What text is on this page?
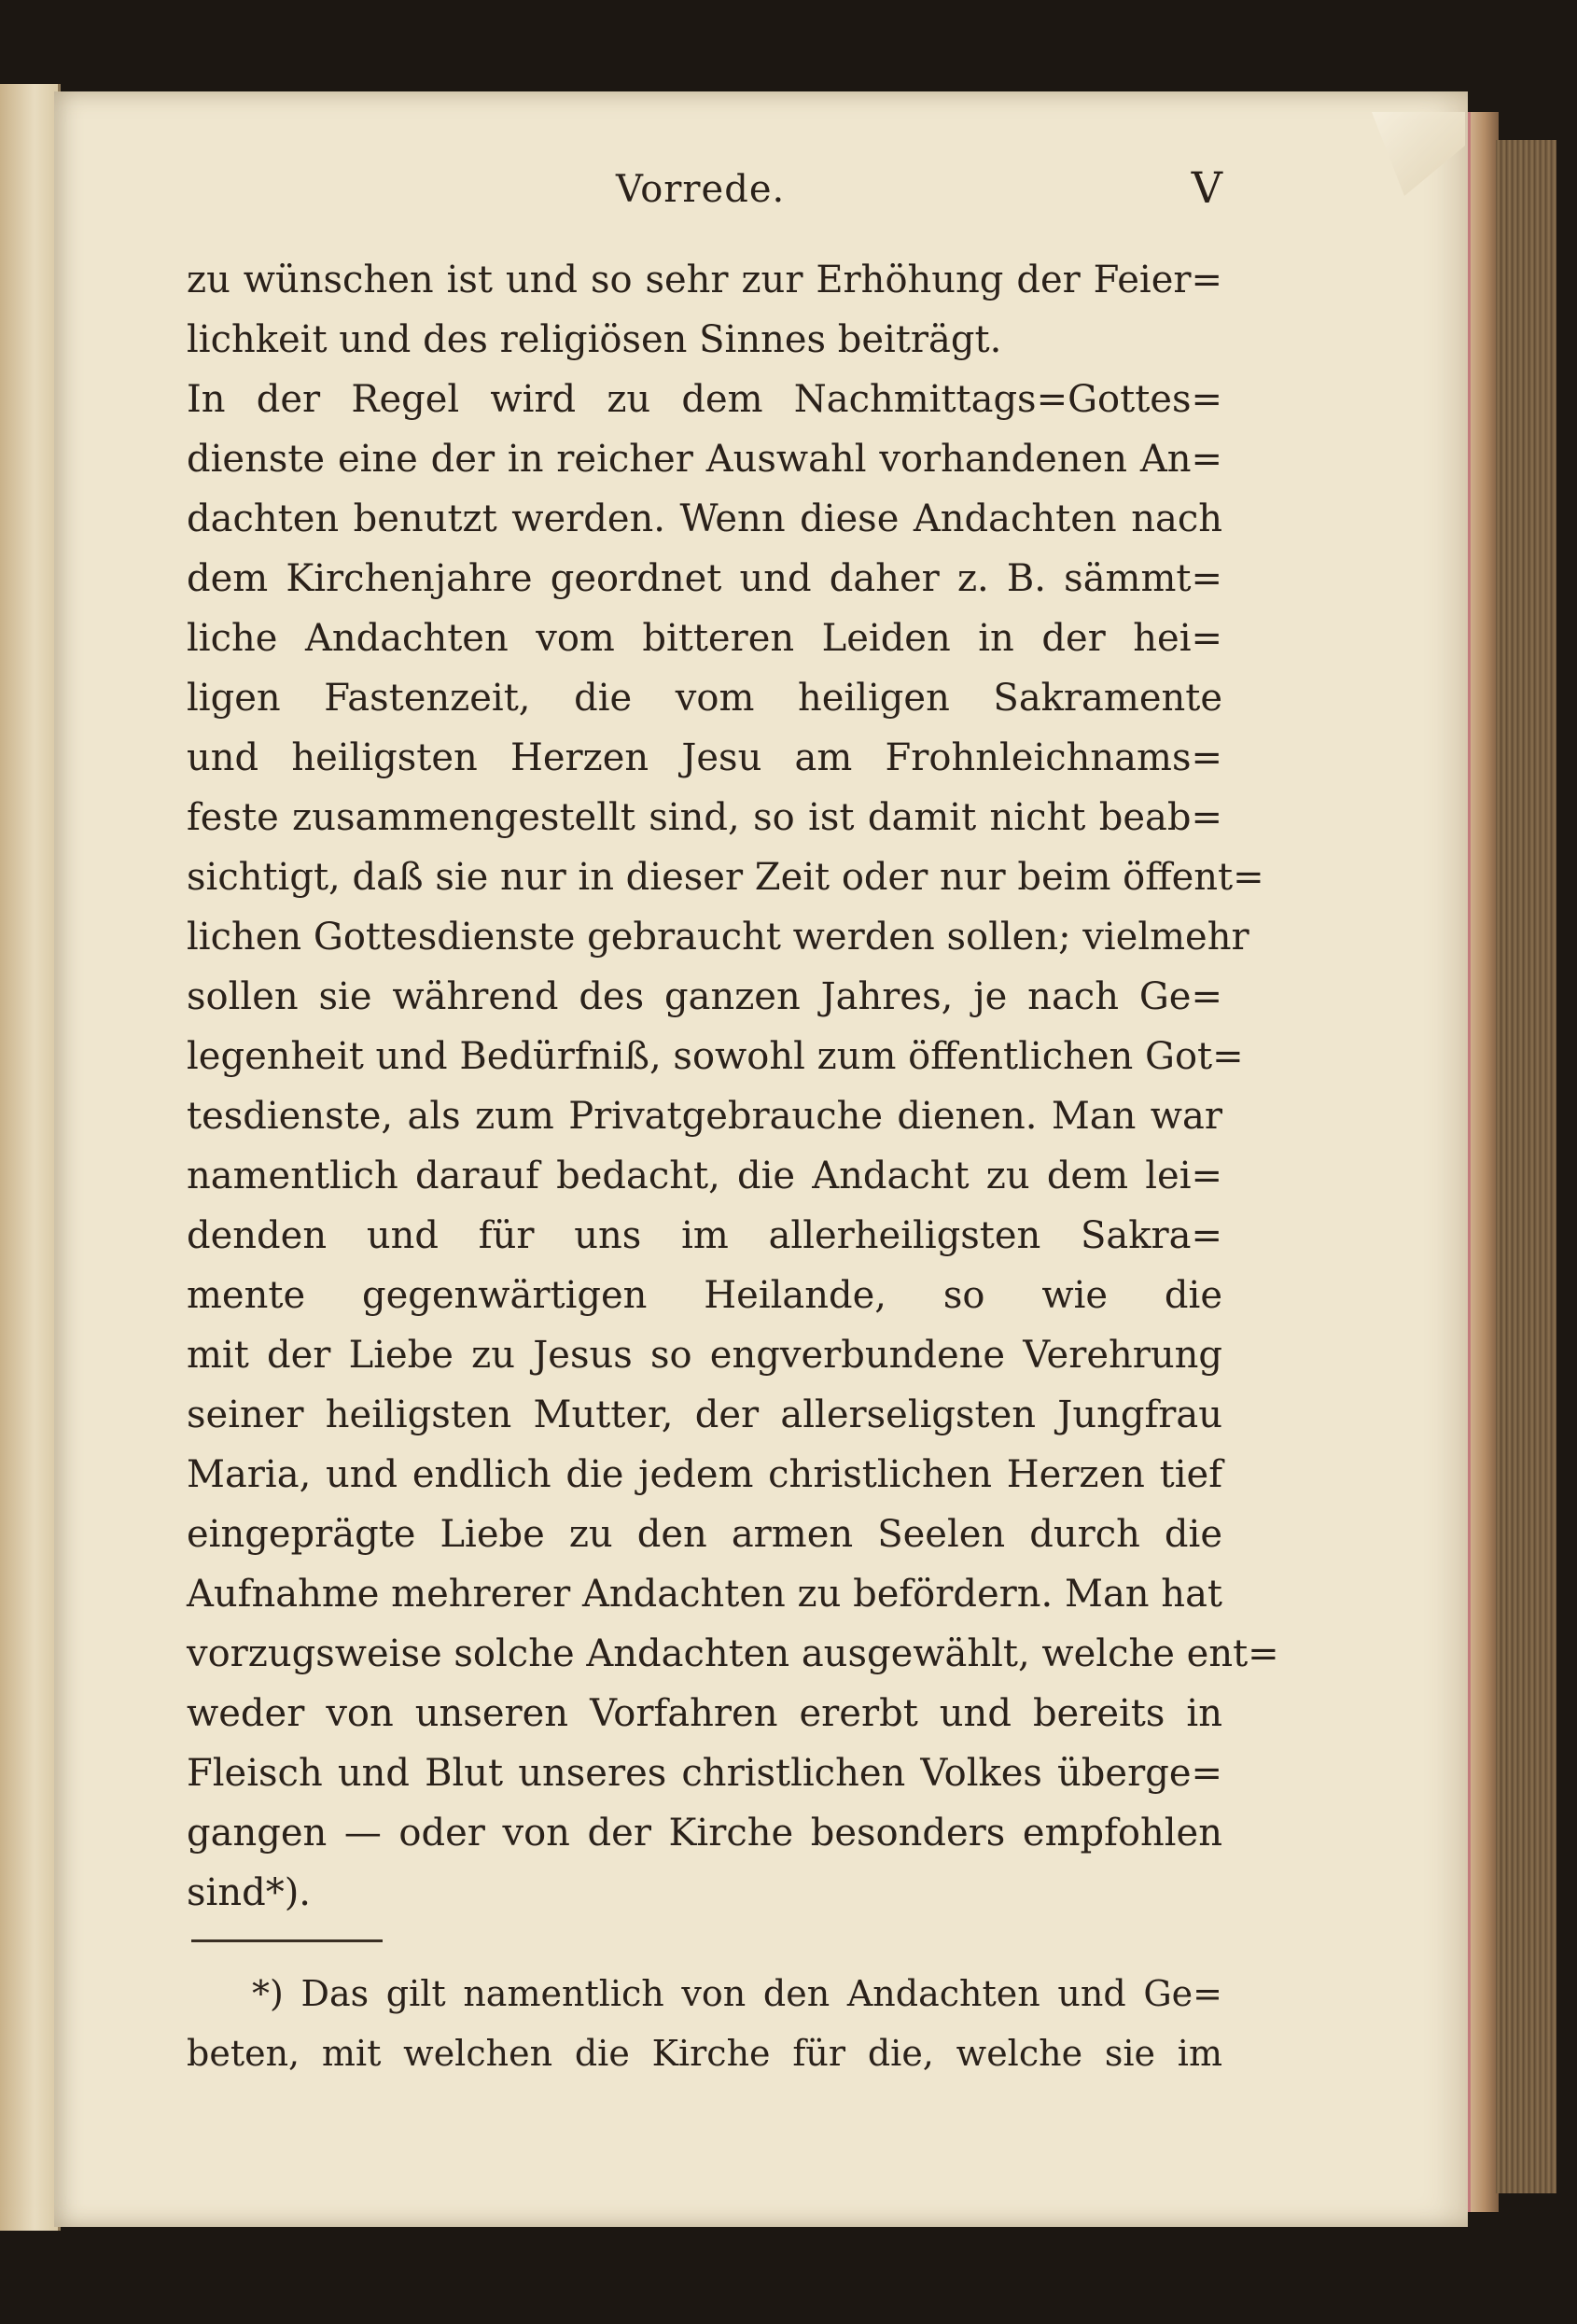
Vorrede.	V
zu wünschen ist und so sehr zur Erhöhung der Feier=
lichkeit und des religiösen Sinnes beiträgt.
In der Regel wird zu dem Nachmittags=Gottes=
dienste eine der in reicher Auswahl vorhandenen An=
dachten benutzt werden. Wenn diese Andachten nach
dem Kirchenjahre geordnet und daher z. B. sämmt=
liche Andachten vom bitteren Leiden in der hei=
ligen Fastenzeit, die vom heiligen Sakramente
und heiligsten Herzen Jesu am Frohnleichnams=
feste zusammengestellt sind, so ist damit nicht beab=
sichtigt, daß sie nur in dieser Zeit oder nur beim öffent=
lichen Gottesdienste gebraucht werden sollen; vielmehr
sollen sie während des ganzen Jahres, je nach Ge=
legenheit und Bedürfniß, sowohl zum öffentlichen Got=
tesdienste, als zum Privatgebrauche dienen. Man war
namentlich darauf bedacht, die Andacht zu dem lei=
denden und für uns im allerheiligsten Sakra=
mente gegenwärtigen Heilande, so wie die
mit der Liebe zu Jesus so engverbundene Verehrung
seiner heiligsten Mutter, der allerseligsten Jungfrau
Maria, und endlich die jedem christlichen Herzen tief
eingeprägte Liebe zu den armen Seelen durch die
Aufnahme mehrerer Andachten zu befördern. Man hat
vorzugsweise solche Andachten ausgewählt, welche ent=
weder von unseren Vorfahren ererbt und bereits in
Fleisch und Blut unseres christlichen Volkes überge=
gangen — oder von der Kirche besonders empfohlen
sind*).
*) Das gilt namentlich von den Andachten und Ge=
beten, mit welchen die Kirche für die, welche sie im
